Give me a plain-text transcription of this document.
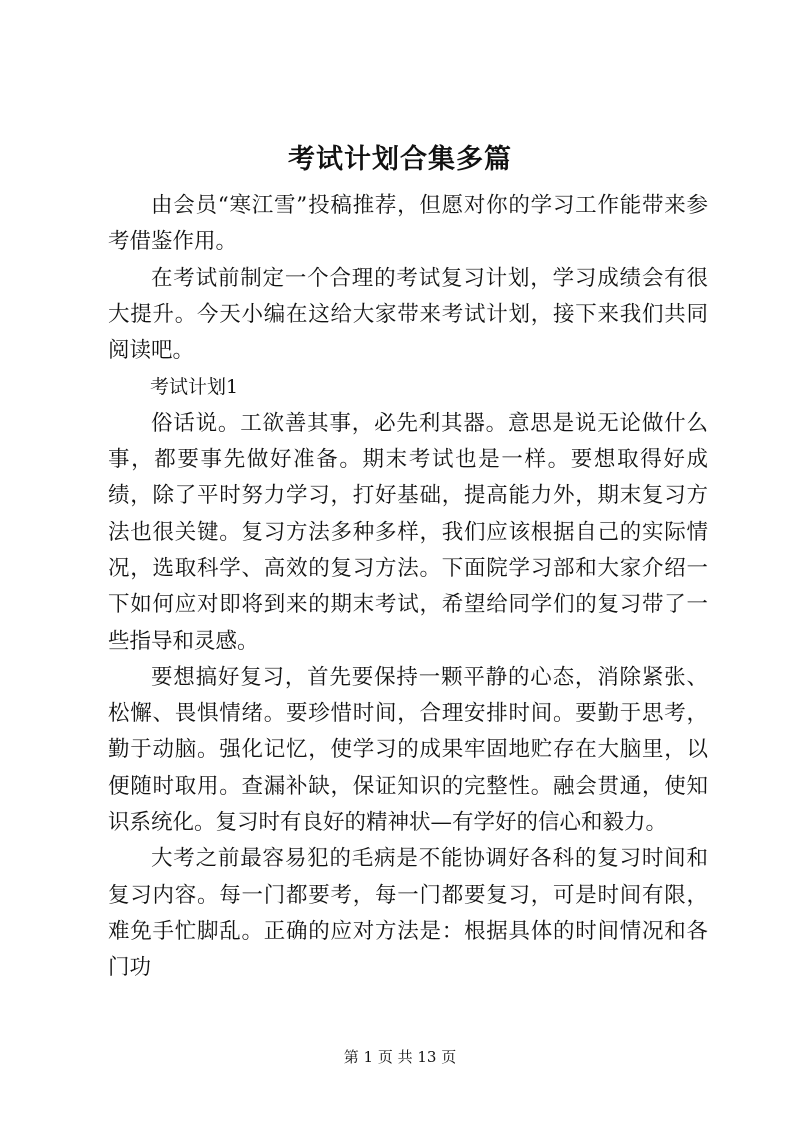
考试计划合集多篇

由会员“寒江雪”投稿推荐，但愿对你的学习工作能带来参考借鉴作用。

在考试前制定一个合理的考试复习计划，学习成绩会有很大提升。今天小编在这给大家带来考试计划，接下来我们共同阅读吧。

考试计划1

俗话说。工欲善其事，必先利其器。意思是说无论做什么事，都要事先做好准备。期末考试也是一样。要想取得好成绩，除了平时努力学习，打好基础，提高能力外，期末复习方法也很关键。复习方法多种多样，我们应该根据自己的实际情况，选取科学、高效的复习方法。下面院学习部和大家介绍一下如何应对即将到来的期末考试，希望给同学们的复习带了一些指导和灵感。

要想搞好复习，首先要保持一颗平静的心态，消除紧张、松懈、畏惧情绪。要珍惜时间，合理安排时间。要勤于思考，勤于动脑。强化记忆，使学习的成果牢固地贮存在大脑里，以便随时取用。查漏补缺，保证知识的完整性。融会贯通，使知识系统化。复习时有良好的精神状—有学好的信心和毅力。

大考之前最容易犯的毛病是不能协调好各科的复习时间和复习内容。每一门都要考，每一门都要复习，可是时间有限，难免手忙脚乱。正确的应对方法是：根据具体的时间情况和各门功

第 1 页 共 13 页
